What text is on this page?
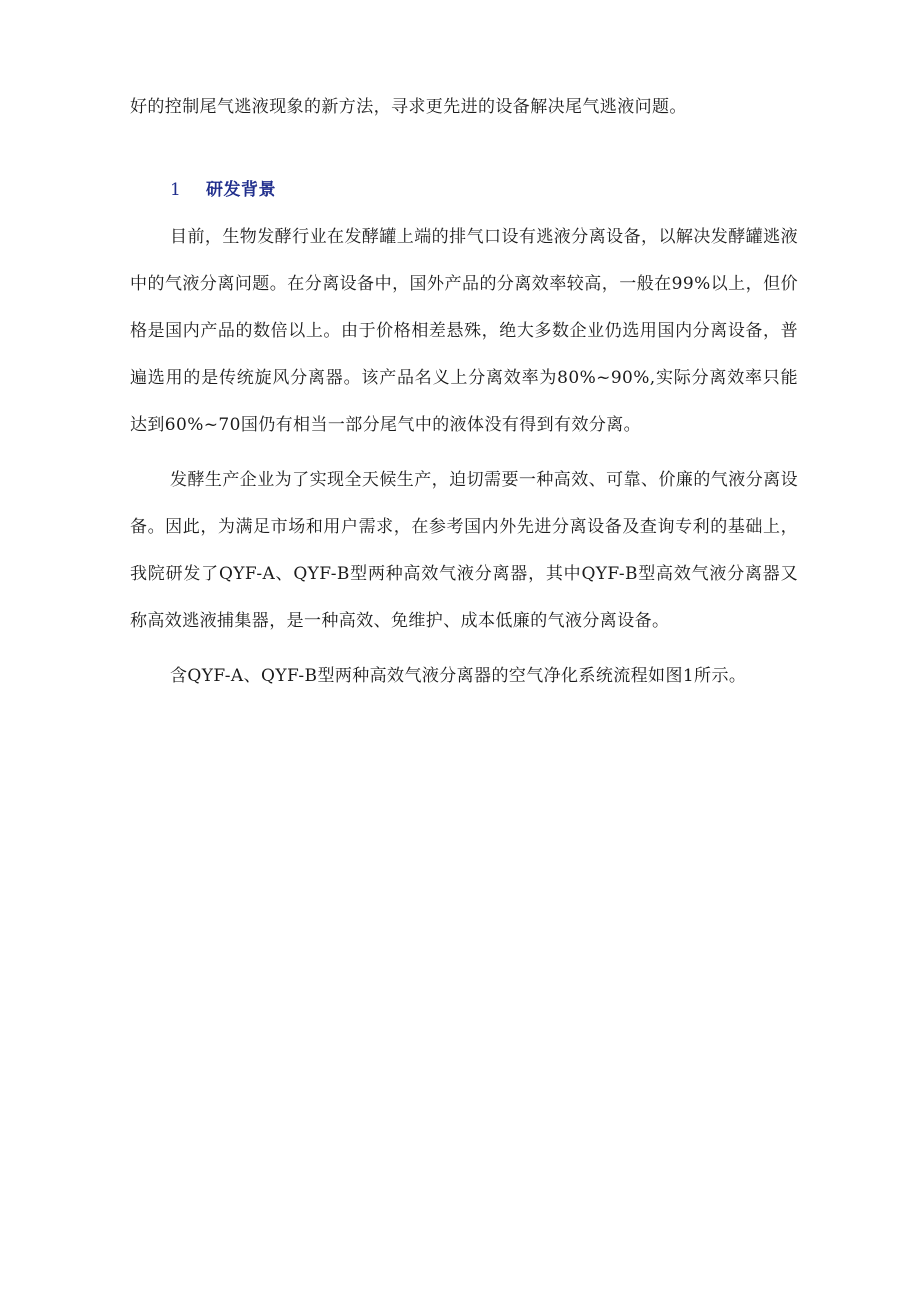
好的控制尾气逃液现象的新方法，寻求更先进的设备解决尾气逃液问题。

1 研发背景

目前，生物发酵行业在发酵罐上端的排气口设有逃液分离设备，以解决发酵罐逃液中的气液分离问题。在分离设备中，国外产品的分离效率较高，一般在99%以上，但价格是国内产品的数倍以上。由于价格相差悬殊，绝大多数企业仍选用国内分离设备，普遍选用的是传统旋风分离器。该产品名义上分离效率为80%~90%,实际分离效率只能达到60%~70国仍有相当一部分尾气中的液体没有得到有效分离。

发酵生产企业为了实现全天候生产，迫切需要一种高效、可靠、价廉的气液分离设备。因此，为满足市场和用户需求，在参考国内外先进分离设备及查询专利的基础上，我院研发了QYF-A、QYF-B型两种高效气液分离器，其中QYF-B型高效气液分离器又称高效逃液捕集器，是一种高效、免维护、成本低廉的气液分离设备。

含QYF-A、QYF-B型两种高效气液分离器的空气净化系统流程如图1所示。
